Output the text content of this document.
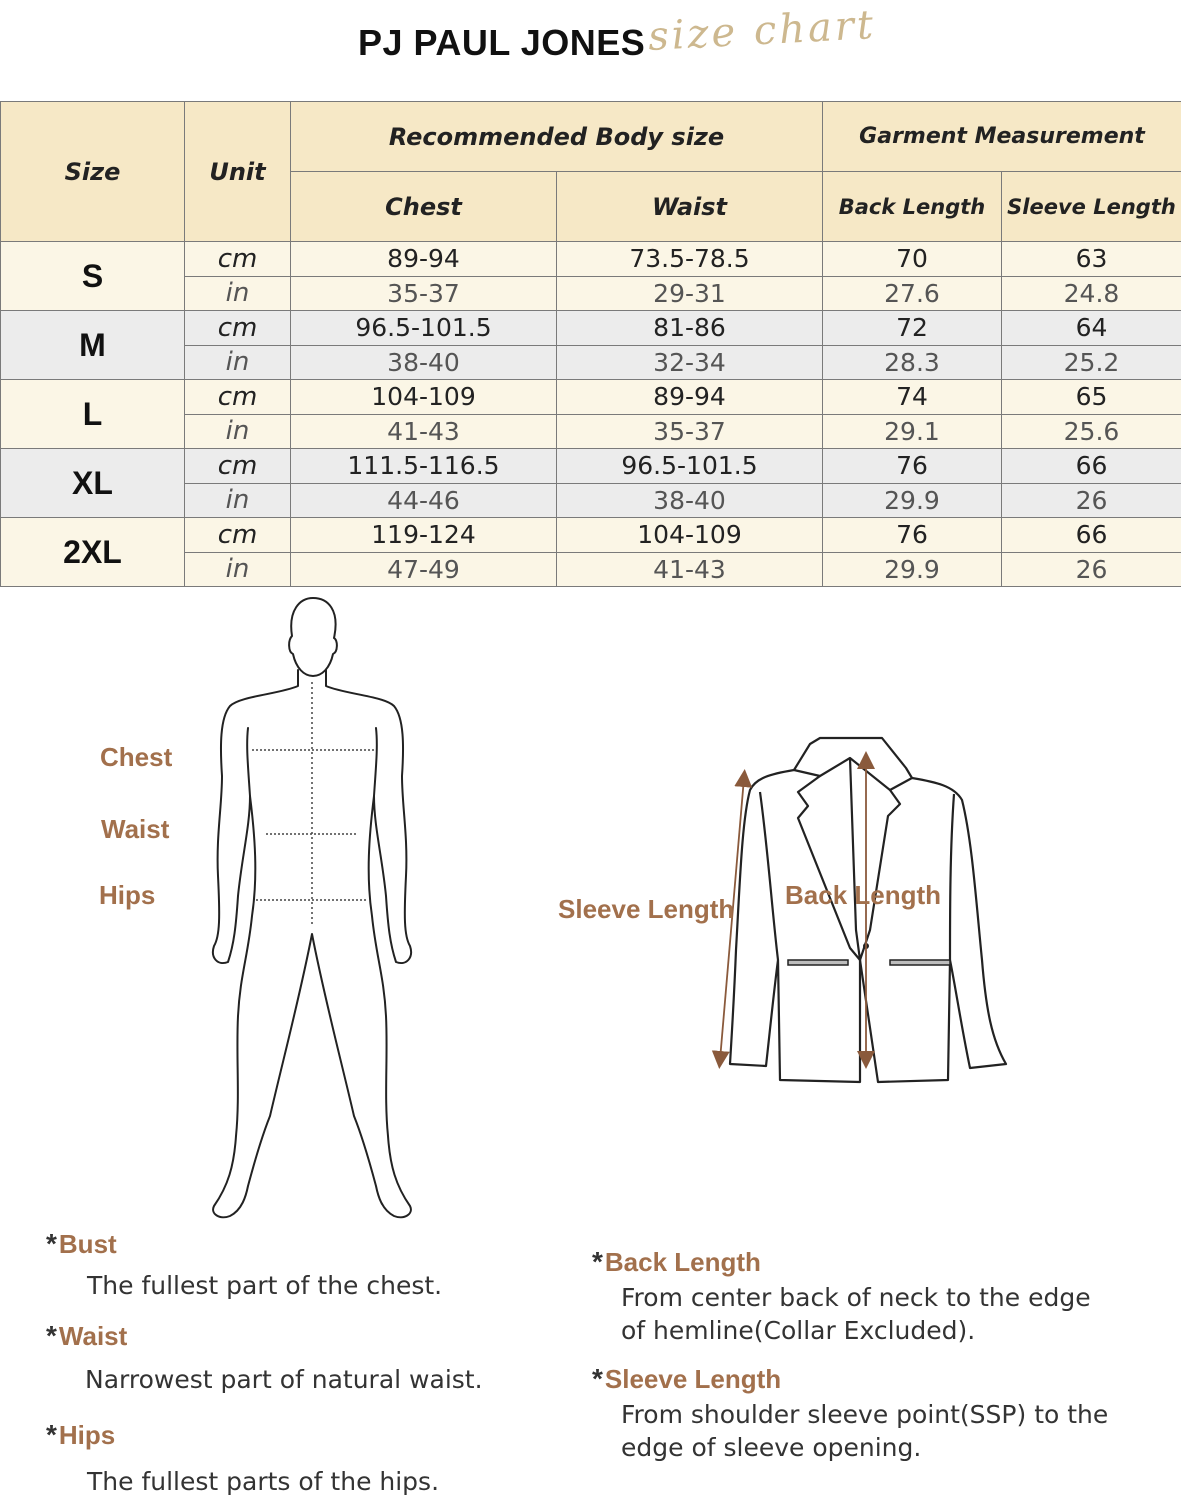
PJ PAUL JONES size chart
Size	Unit	Recommended Body size		Garment Measurement	
		Chest	Waist	Back Length	Sleeve Length
S	cm	89-94	73.5-78.5	70	63
	in	35-37	29-31	27.6	24.8
M	cm	96.5-101.5	81-86	72	64
	in	38-40	32-34	28.3	25.2
L	cm	104-109	89-94	74	65
	in	41-43	35-37	29.1	25.6
XL	cm	111.5-116.5	96.5-101.5	76	66
	in	44-46	38-40	29.9	26
2XL	cm	119-124	104-109	76	66
	in	47-49	41-43	29.9	26
Chest
Waist
Hips	Sleeve Length Back Length
*Bust
The fullest part of the chest.
*Waist
Narrowest part of natural waist.
*Hips
The fullest parts of the hips.
*Back Length
From center back of neck to the edge
of hemline(Collar Excluded).
*Sleeve Length
From shoulder sleeve point(SSP) to the
edge of sleeve opening.
